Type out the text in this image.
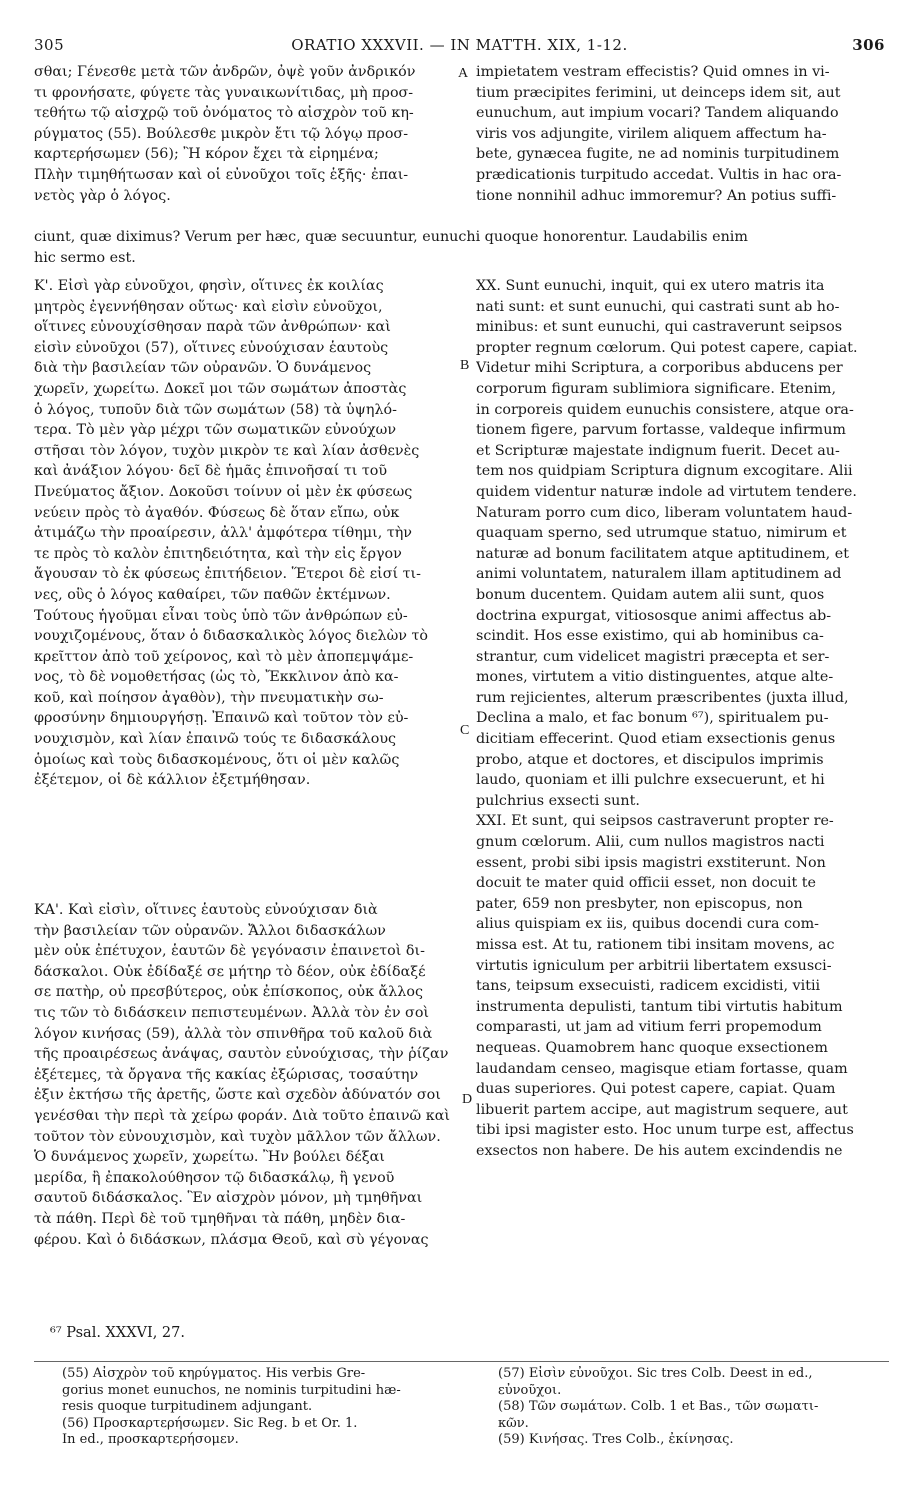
305	ORATIO XXXVII. — IN MATTH. XIX, 1-12.	306
σθαι; Γένεσθε μετὰ τῶν ἀνδρῶν, ὀψὲ γοῦν ἀνδρικόν
τι φρονήσατε, φύγετε τὰς γυναικωνίτιδας, μὴ προσ-
τεθήτω τῷ αἰσχρῷ τοῦ ὀνόματος τὸ αἰσχρὸν τοῦ κη-
ρύγματος (55). Βούλεσθε μικρὸν ἔτι τῷ λόγῳ προσ-
καρτερήσωμεν (56); Ἢ κόρον ἔχει τὰ εἰρημένα;
Πλὴν τιμηθήτωσαν καὶ οἱ εὐνοῦχοι τοῖς ἑξῆς· ἐπαι-
νετὸς γὰρ ὁ λόγος.
impietatem vestram effecistis? Quid omnes in vi-
tium præcipites ferimini, ut deinceps idem sit, aut
eunuchum, aut impium vocari? Tandem aliquando
viris vos adjungite, virilem aliquem affectum ha-
bete, gynæcea fugite, ne ad nominis turpitudinem
prædicationis turpitudo accedat. Vultis in hac ora-
tione nonnihil adhuc immoremur? An potius suffi-
ciunt, quæ diximus? Verum per hæc, quæ secuuntur, eunuchi quoque honorentur. Laudabilis enim
hic sermo est.
Κ'. Εἰσὶ γὰρ εὐνοῦχοι, φησὶν, οἵτινες ἐκ κοιλίας
μητρὸς ἐγεννήθησαν οὕτως· καὶ εἰσὶν εὐνοῦχοι,
οἵτινες εὐνουχίσθησαν παρὰ τῶν ἀνθρώπων· καὶ
εἰσὶν εὐνοῦχοι (57), οἵτινες εὐνούχισαν ἑαυτοὺς
διὰ τὴν βασιλείαν τῶν οὐρανῶν. Ὁ δυνάμενος
χωρεῖν, χωρείτω. Δοκεῖ μοι τῶν σωμάτων ἀποστὰς
ὁ λόγος, τυποῦν διὰ τῶν σωμάτων (58) τὰ ὑψηλό-
τερα. Τὸ μὲν γὰρ μέχρι τῶν σωματικῶν εὐνούχων
στῆσαι τὸν λόγον, τυχὸν μικρὸν τε καὶ λίαν ἀσθενὲς
καὶ ἀνάξιον λόγου· δεῖ δὲ ἡμᾶς ἐπινοῆσαί τι τοῦ
Πνεύματος ἄξιον. Δοκοῦσι τοίνυν οἱ μὲν ἐκ φύσεως
νεύειν πρὸς τὸ ἀγαθόν. Φύσεως δὲ ὅταν εἴπω, οὐκ
ἀτιμάζω τὴν προαίρεσιν, ἀλλ' ἀμφότερα τίθημι, τὴν
τε πρὸς τὸ καλὸν ἐπιτηδειότητα, καὶ τὴν εἰς ἔργον
ἄγουσαν τὸ ἐκ φύσεως ἐπιτήδειον. Ἕτεροι δὲ εἰσί τι-
νες, οὓς ὁ λόγος καθαίρει, τῶν παθῶν ἐκτέμνων.
Τούτους ἡγοῦμαι εἶναι τοὺς ὑπὸ τῶν ἀνθρώπων εὐ-
νουχιζομένους, ὅταν ὁ διδασκαλικὸς λόγος διελὼν τὸ
κρεῖττον ἀπὸ τοῦ χείρονος, καὶ τὸ μὲν ἀποπεμψάμε-
νος, τὸ δὲ νομοθετήσας (ὡς τὸ, Ἔκκλινον ἀπὸ κα-
κοῦ, καὶ ποίησον ἀγαθὸν), τὴν πνευματικὴν σω-
φροσύνην δημιουργήσῃ. Ἐπαινῶ καὶ τοῦτον τὸν εὐ-
νουχισμὸν, καὶ λίαν ἐπαινῶ τούς τε διδασκάλους
ὁμοίως καὶ τοὺς διδασκομένους, ὅτι οἱ μὲν καλῶς
ἐξέτεμον, οἱ δὲ κάλλιον ἐξετμήθησαν.
ΚΑ'. Καὶ εἰσὶν, οἵτινες ἑαυτοὺς εὐνούχισαν διὰ
τὴν βασιλείαν τῶν οὐρανῶν. Ἄλλοι διδασκάλων
μὲν οὐκ ἐπέτυχον, ἑαυτῶν δὲ γεγόνασιν ἐπαινετοὶ δι-
δάσκαλοι. Οὐκ ἐδίδαξέ σε μήτηρ τὸ δέον, οὐκ ἐδίδαξέ
σε πατὴρ, οὐ πρεσβύτερος, οὐκ ἐπίσκοπος, οὐκ ἄλλος
τις τῶν τὸ διδάσκειν πεπιστευμένων. Ἀλλὰ τὸν ἐν σοὶ
λόγον κινήσας (59), ἀλλὰ τὸν σπινθῆρα τοῦ καλοῦ διὰ
τῆς προαιρέσεως ἀνάψας, σαυτὸν εὐνούχισας, τὴν ῥίζαν
ἐξέτεμες, τὰ ὄργανα τῆς κακίας ἐξώρισας, τοσαύτην
ἐξιν ἐκτήσω τῆς ἀρετῆς, ὥστε καὶ σχεδὸν ἀδύνατόν σοι
γενέσθαι τὴν περὶ τὰ χείρω φοράν. Διὰ τοῦτο ἐπαινῶ καὶ
τοῦτον τὸν εὐνουχισμὸν, καὶ τυχὸν μᾶλλον τῶν ἄλλων.
Ὁ δυνάμενος χωρεῖν, χωρείτω. Ἢν βούλει δέξαι
μερίδα, ἢ ἐπακολούθησον τῷ διδασκάλῳ, ἢ γενοῦ
σαυτοῦ διδάσκαλος. Ἓν αἰσχρὸν μόνον, μὴ τμηθῆναι
τὰ πάθη. Περὶ δὲ τοῦ τμηθῆναι τὰ πάθη, μηδὲν δια-
φέρου. Καὶ ὁ διδάσκων, πλάσμα Θεοῦ, καὶ σὺ γέγονας
XX. Sunt eunuchi, inquit, qui ex utero matris ita
nati sunt: et sunt eunuchi, qui castrati sunt ab ho-
minibus: et sunt eunuchi, qui castraverunt seipsos
propter regnum cœlorum. Qui potest capere, capiat.
Videtur mihi Scriptura, a corporibus abducens per
corporum figuram sublimiora significare. Etenim,
in corporeis quidem eunuchis consistere, atque ora-
tionem figere, parvum fortasse, valdeque infirmum
et Scripturæ majestate indignum fuerit. Decet au-
tem nos quidpiam Scriptura dignum excogitare. Alii
quidem videntur naturæ indole ad virtutem tendere.
Naturam porro cum dico, liberam voluntatem haud-
quaquam sperno, sed utrumque statuo, nimirum et
naturæ ad bonum facilitatem atque aptitudinem, et
animi voluntatem, naturalem illam aptitudinem ad
bonum ducentem. Quidam autem alii sunt, quos
doctrina expurgat, vitiososque animi affectus ab-
scindit. Hos esse existimo, qui ab hominibus ca-
strantur, cum videlicet magistri præcepta et ser-
mones, virtutem a vitio distinguentes, atque alte-
rum rejicientes, alterum præscribentes (juxta illud,
Declina a malo, et fac bonum ⁶⁷), spiritualem pu-
dicitiam effecerint. Quod etiam exsectionis genus
probo, atque et doctores, et discipulos imprimis
laudo, quoniam et illi pulchre exsecuerunt, et hi
pulchrius exsecti sunt.
XXI. Et sunt, qui seipsos castraverunt propter re-
gnum cœlorum. Alii, cum nullos magistros nacti
essent, probi sibi ipsis magistri exstiterunt. Non
docuit te mater quid officii esset, non docuit te
pater, 659 non presbyter, non episcopus, non
alius quispiam ex iis, quibus docendi cura com-
missa est. At tu, rationem tibi insitam movens, ac
virtutis igniculum per arbitrii libertatem exsusci-
tans, teipsum exsecuisti, radicem excidisti, vitii
instrumenta depulisti, tantum tibi virtutis habitum
comparasti, ut jam ad vitium ferri propemodum
nequeas. Quamobrem hanc quoque exsectionem
laudandam censeo, magisque etiam fortasse, quam
duas superiores. Qui potest capere, capiat. Quam
libuerit partem accipe, aut magistrum sequere, aut
tibi ipsi magister esto. Hoc unum turpe est, affectus
exsectos non habere. De his autem excindendis ne
A
B
C
D
⁶⁷ Psal. XXXVI, 27.
(55) Αἰσχρὸν τοῦ κηρύγματος. His verbis Gre-
gorius monet eunuchos, ne nominis turpitudini hæ-
resis quoque turpitudinem adjungant.
(56) Προσκαρτερήσωμεν. Sic Reg. b et Or. 1.
In ed., προσκαρτερήσομεν.
(57) Εἰσὶν εὐνοῦχοι. Sic tres Colb. Deest in ed.,
εὐνοῦχοι.
(58) Τῶν σωμάτων. Colb. 1 et Bas., τῶν σωματι-
κῶν.
(59) Κινήσας. Tres Colb., ἐκίνησας.
